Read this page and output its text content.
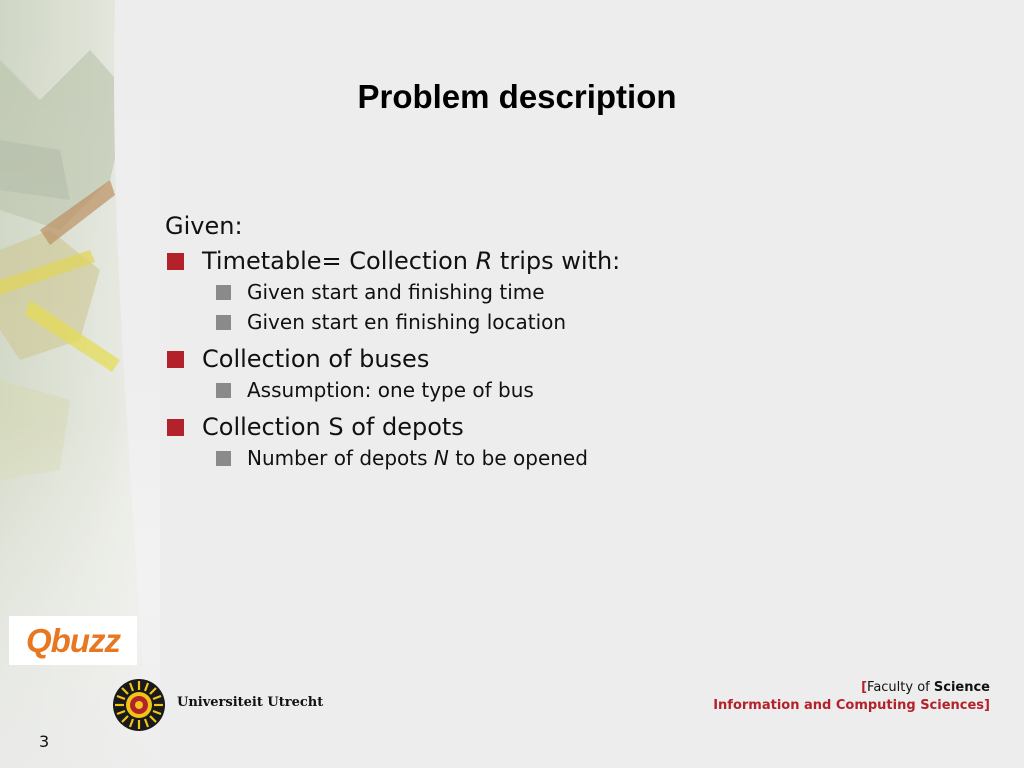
Problem description
Given:
Timetable= Collection R trips with:
Given start and finishing time
Given start en finishing location
Collection of buses
Assumption: one type of bus
Collection S of depots
Number of depots N to be opened
Qbuzz
Universiteit Utrecht
[Faculty of Science
Information and Computing Sciences]
3
